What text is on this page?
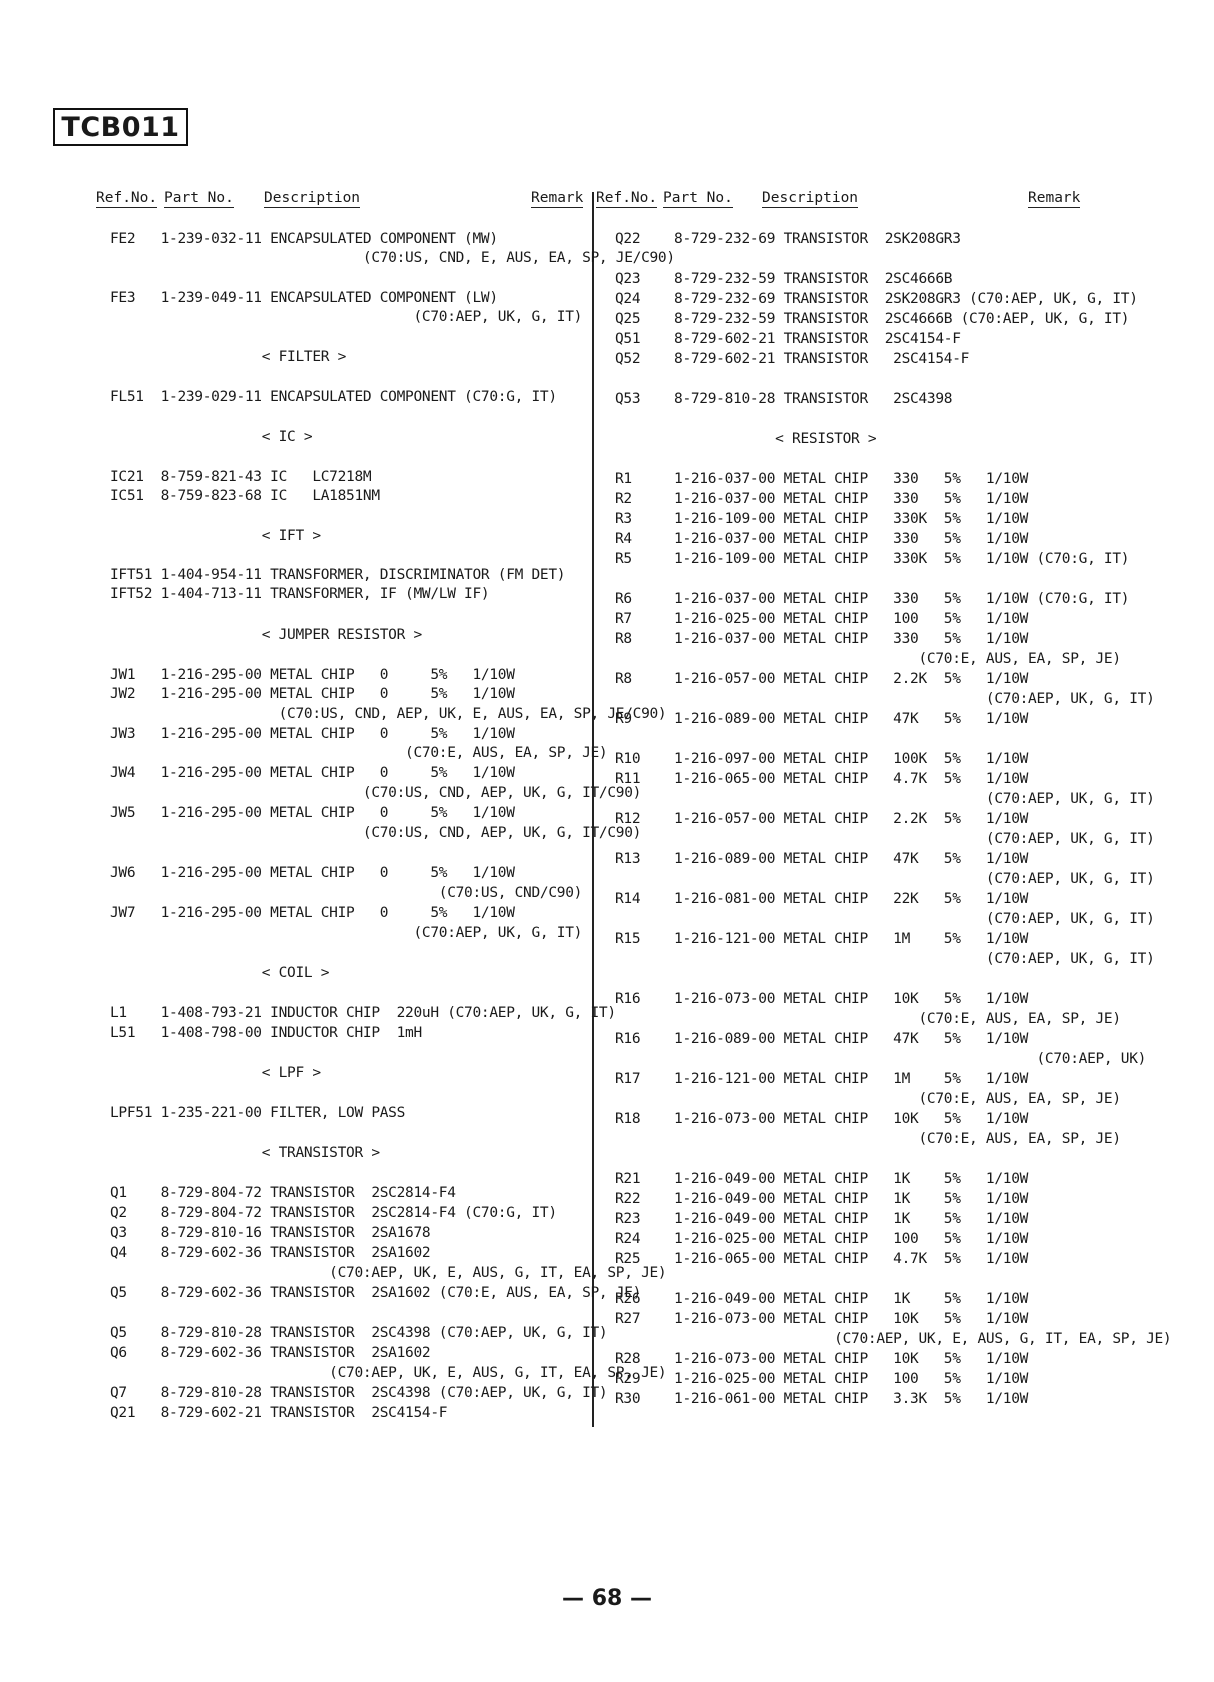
TCB011
Ref.No. Part No. Description	Remark Ref.No. Part No. Description	Remark
FE2   1-239-032-11 ENCAPSULATED COMPONENT (MW)
(C70:US, CND, E, AUS, EA, SP, JE/C90)
FE3   1-239-049-11 ENCAPSULATED COMPONENT (LW)
(C70:AEP, UK, G, IT)
< FILTER >
FL51  1-239-029-11 ENCAPSULATED COMPONENT (C70:G, IT)
< IC >
IC21  8-759-821-43 IC   LC7218M
IC51  8-759-823-68 IC   LA1851NM
< IFT >
IFT51 1-404-954-11 TRANSFORMER, DISCRIMINATOR (FM DET)
IFT52 1-404-713-11 TRANSFORMER, IF (MW/LW IF)
< JUMPER RESISTOR >
JW1   1-216-295-00 METAL CHIP   0     5%   1/10W
JW2   1-216-295-00 METAL CHIP   0     5%   1/10W
(C70:US, CND, AEP, UK, E, AUS, EA, SP, JE/C90)
JW3   1-216-295-00 METAL CHIP   0     5%   1/10W
(C70:E, AUS, EA, SP, JE)
JW4   1-216-295-00 METAL CHIP   0     5%   1/10W
(C70:US, CND, AEP, UK, G, IT/C90)
JW5   1-216-295-00 METAL CHIP   0     5%   1/10W
(C70:US, CND, AEP, UK, G, IT/C90)
JW6   1-216-295-00 METAL CHIP   0     5%   1/10W
(C70:US, CND/C90)
JW7   1-216-295-00 METAL CHIP   0     5%   1/10W
(C70:AEP, UK, G, IT)
< COIL >
L1    1-408-793-21 INDUCTOR CHIP  220uH (C70:AEP, UK, G, IT)
L51   1-408-798-00 INDUCTOR CHIP  1mH
< LPF >
LPF51 1-235-221-00 FILTER, LOW PASS
< TRANSISTOR >
Q1    8-729-804-72 TRANSISTOR  2SC2814-F4
Q2    8-729-804-72 TRANSISTOR  2SC2814-F4 (C70:G, IT)
Q3    8-729-810-16 TRANSISTOR  2SA1678
Q4    8-729-602-36 TRANSISTOR  2SA1602
(C70:AEP, UK, E, AUS, G, IT, EA, SP, JE)
Q5    8-729-602-36 TRANSISTOR  2SA1602 (C70:E, AUS, EA, SP, JE)
Q5    8-729-810-28 TRANSISTOR  2SC4398 (C70:AEP, UK, G, IT)
Q6    8-729-602-36 TRANSISTOR  2SA1602
(C70:AEP, UK, E, AUS, G, IT, EA, SP, JE)
Q7    8-729-810-28 TRANSISTOR  2SC4398 (C70:AEP, UK, G, IT)
Q21   8-729-602-21 TRANSISTOR  2SC4154-F
Q22    8-729-232-69 TRANSISTOR  2SK208GR3
Q23    8-729-232-59 TRANSISTOR  2SC4666B
Q24    8-729-232-69 TRANSISTOR  2SK208GR3 (C70:AEP, UK, G, IT)
Q25    8-729-232-59 TRANSISTOR  2SC4666B (C70:AEP, UK, G, IT)
Q51    8-729-602-21 TRANSISTOR  2SC4154-F
Q52    8-729-602-21 TRANSISTOR   2SC4154-F
Q53    8-729-810-28 TRANSISTOR   2SC4398
< RESISTOR >
R1     1-216-037-00 METAL CHIP   330   5%   1/10W
R2     1-216-037-00 METAL CHIP   330   5%   1/10W
R3     1-216-109-00 METAL CHIP   330K  5%   1/10W
R4     1-216-037-00 METAL CHIP   330   5%   1/10W
R5     1-216-109-00 METAL CHIP   330K  5%   1/10W (C70:G, IT)
R6     1-216-037-00 METAL CHIP   330   5%   1/10W (C70:G, IT)
R7     1-216-025-00 METAL CHIP   100   5%   1/10W
R8     1-216-037-00 METAL CHIP   330   5%   1/10W
(C70:E, AUS, EA, SP, JE)
R8     1-216-057-00 METAL CHIP   2.2K  5%   1/10W
(C70:AEP, UK, G, IT)
R9     1-216-089-00 METAL CHIP   47K   5%   1/10W
R10    1-216-097-00 METAL CHIP   100K  5%   1/10W
R11    1-216-065-00 METAL CHIP   4.7K  5%   1/10W
(C70:AEP, UK, G, IT)
R12    1-216-057-00 METAL CHIP   2.2K  5%   1/10W
(C70:AEP, UK, G, IT)
R13    1-216-089-00 METAL CHIP   47K   5%   1/10W
(C70:AEP, UK, G, IT)
R14    1-216-081-00 METAL CHIP   22K   5%   1/10W
(C70:AEP, UK, G, IT)
R15    1-216-121-00 METAL CHIP   1M    5%   1/10W
(C70:AEP, UK, G, IT)
R16    1-216-073-00 METAL CHIP   10K   5%   1/10W
(C70:E, AUS, EA, SP, JE)
R16    1-216-089-00 METAL CHIP   47K   5%   1/10W
(C70:AEP, UK)
R17    1-216-121-00 METAL CHIP   1M    5%   1/10W
(C70:E, AUS, EA, SP, JE)
R18    1-216-073-00 METAL CHIP   10K   5%   1/10W
(C70:E, AUS, EA, SP, JE)
R21    1-216-049-00 METAL CHIP   1K    5%   1/10W
R22    1-216-049-00 METAL CHIP   1K    5%   1/10W
R23    1-216-049-00 METAL CHIP   1K    5%   1/10W
R24    1-216-025-00 METAL CHIP   100   5%   1/10W
R25    1-216-065-00 METAL CHIP   4.7K  5%   1/10W
R26    1-216-049-00 METAL CHIP   1K    5%   1/10W
R27    1-216-073-00 METAL CHIP   10K   5%   1/10W
(C70:AEP, UK, E, AUS, G, IT, EA, SP, JE)
R28    1-216-073-00 METAL CHIP   10K   5%   1/10W
R29    1-216-025-00 METAL CHIP   100   5%   1/10W
R30    1-216-061-00 METAL CHIP   3.3K  5%   1/10W
— 68 —
